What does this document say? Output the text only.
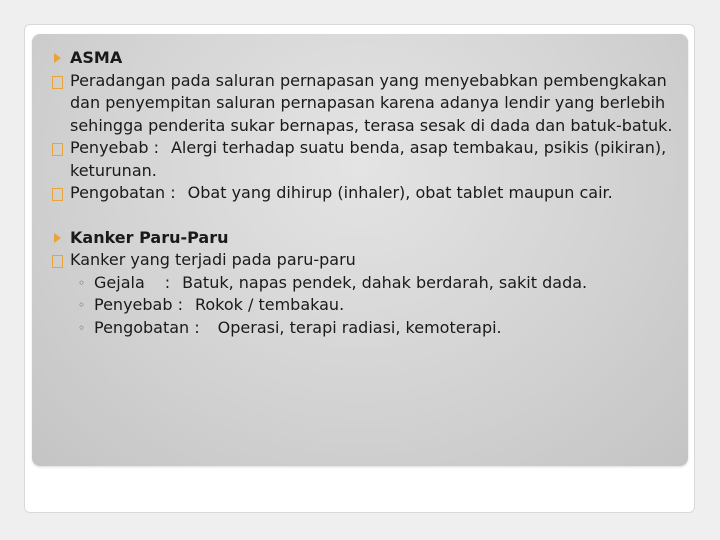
ASMA
Peradangan pada saluran pernapasan yang menyebabkan pembengkakan dan penyempitan saluran pernapasan karena adanya lendir yang berlebih sehingga penderita sukar bernapas, terasa sesak di dada dan batuk-batuk.
Penyebab : Alergi terhadap suatu benda, asap tembakau, psikis (pikiran), keturunan.
Pengobatan : Obat yang dihirup (inhaler), obat tablet maupun cair.
Kanker Paru-Paru
Kanker yang terjadi pada paru-paru
◦ Gejala : Batuk, napas pendek, dahak berdarah, sakit dada.
◦ Penyebab : Rokok / tembakau.
◦ Pengobatan : Operasi, terapi radiasi, kemoterapi.
